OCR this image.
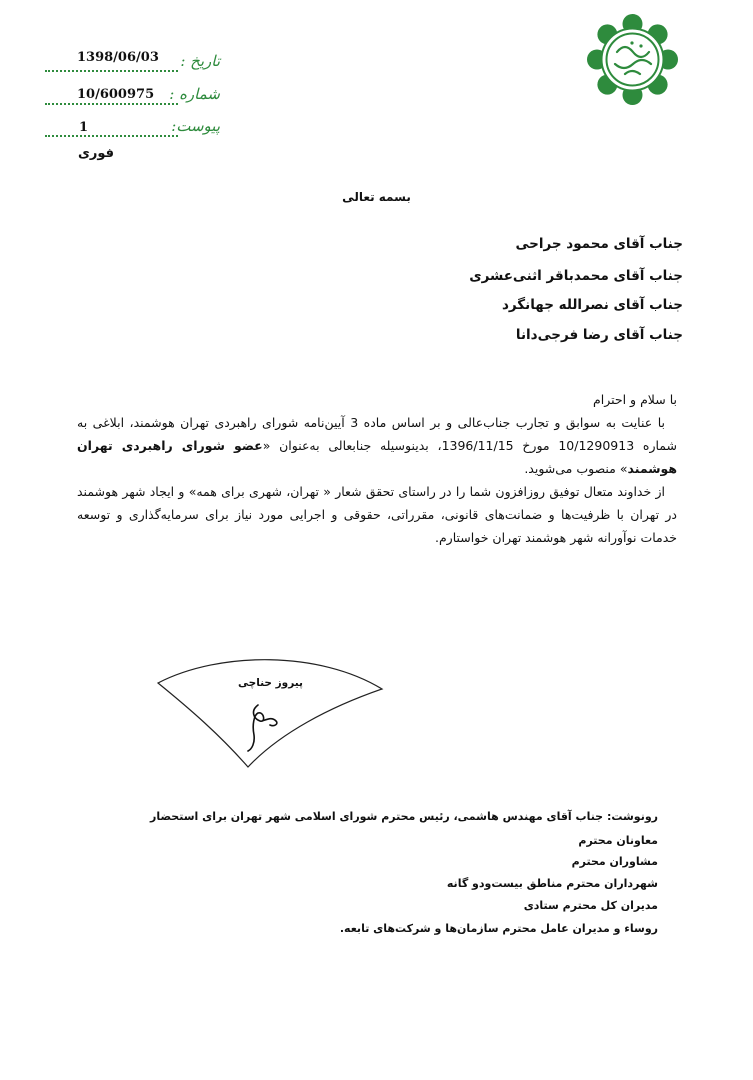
1398/06/03 تاریخ :
10/600975 شماره :
1	پیوست:
فوری
بسمه تعالی
جناب آقای محمود جراحی
جناب آقای محمدباقر اثنی‌عشری
جناب آقای نصرالله جهانگرد
جناب آقای رضا فرجی‌دانا

با سلام و احترام

با عنایت به سوابق و تجارب جناب‌عالی و بر اساس ماده 3 آیین‌نامه شورای راهبردی تهران هوشمند، ابلاغی به شماره 10/1290913 مورخ 1396/11/15، بدینوسیله جنابعالی به‌عنوان «عضو شورای راهبردی تهران هوشمند» منصوب می‌شوید.

از خداوند متعال توفیق روزافزون شما را در راستای تحقق شعار « تهران، شهری برای همه» و ایجاد شهر هوشمند در تهران با ظرفیت‌ها و ضمانت‌های قانونی، مقرراتی، حقوقی و اجرایی مورد نیاز برای سرمایه‌گذاری و توسعه خدمات نوآورانه شهر هوشمند تهران خواستارم.

پیروز حناچی
رونوشت: جناب آقای مهندس هاشمی، رئیس محترم شورای اسلامی شهر تهران برای استحضار
معاونان محترم
مشاوران محترم
شهرداران محترم مناطق بیست‌ودو گانه
مدیران کل محترم ستادی
روساء و مدیران عامل محترم سازمان‌ها و شرکت‌های تابعه.
